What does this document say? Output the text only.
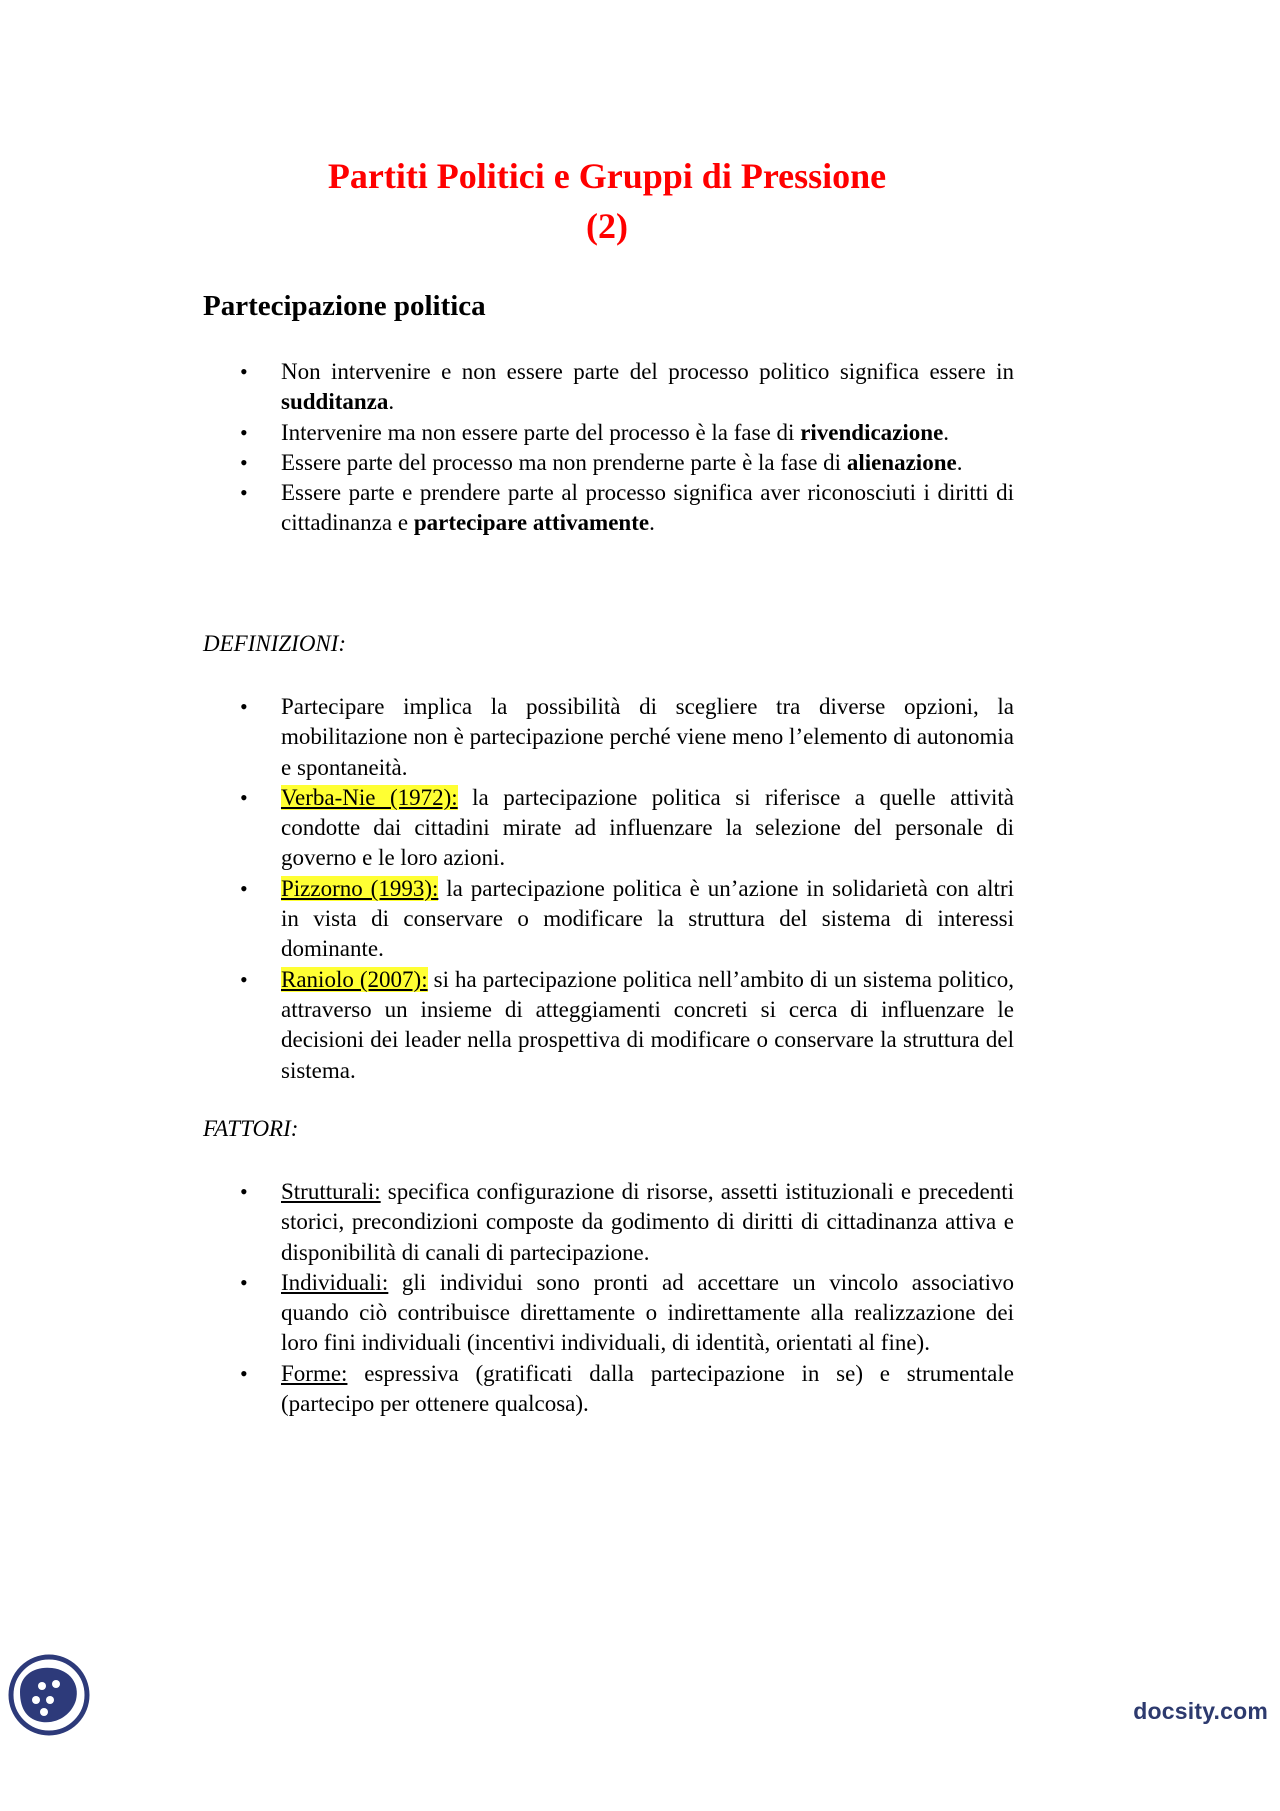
Partiti Politici e Gruppi di Pressione
(2)
Partecipazione politica
• Non intervenire e non essere parte del processo politico significa essere in sudditanza.
• Intervenire ma non essere parte del processo è la fase di rivendicazione.
• Essere parte del processo ma non prenderne parte è la fase di alienazione.
• Essere parte e prendere parte al processo significa aver riconosciuti i diritti di cittadinanza e partecipare attivamente.
DEFINIZIONI:
• Partecipare implica la possibilità di scegliere tra diverse opzioni, la mobilitazione non è partecipazione perché viene meno l’elemento di autonomia e spontaneità.
• Verba-Nie (1972): la partecipazione politica si riferisce a quelle attività condotte dai cittadini mirate ad influenzare la selezione del personale di governo e le loro azioni.
• Pizzorno (1993): la partecipazione politica è un’azione in solidarietà con altri in vista di conservare o modificare la struttura del sistema di interessi dominante.
• Raniolo (2007): si ha partecipazione politica nell’ambito di un sistema politico, attraverso un insieme di atteggiamenti concreti si cerca di influenzare le decisioni dei leader nella prospettiva di modificare o conservare la struttura del sistema.
FATTORI:
• Strutturali: specifica configurazione di risorse, assetti istituzionali e precedenti storici, precondizioni composte da godimento di diritti di cittadinanza attiva e disponibilità di canali di partecipazione.
• Individuali: gli individui sono pronti ad accettare un vincolo associativo quando ciò contribuisce direttamente o indirettamente alla realizzazione dei loro fini individuali (incentivi individuali, di identità, orientati al fine).
• Forme: espressiva (gratificati dalla partecipazione in se) e strumentale (partecipo per ottenere qualcosa).
docsity.com
